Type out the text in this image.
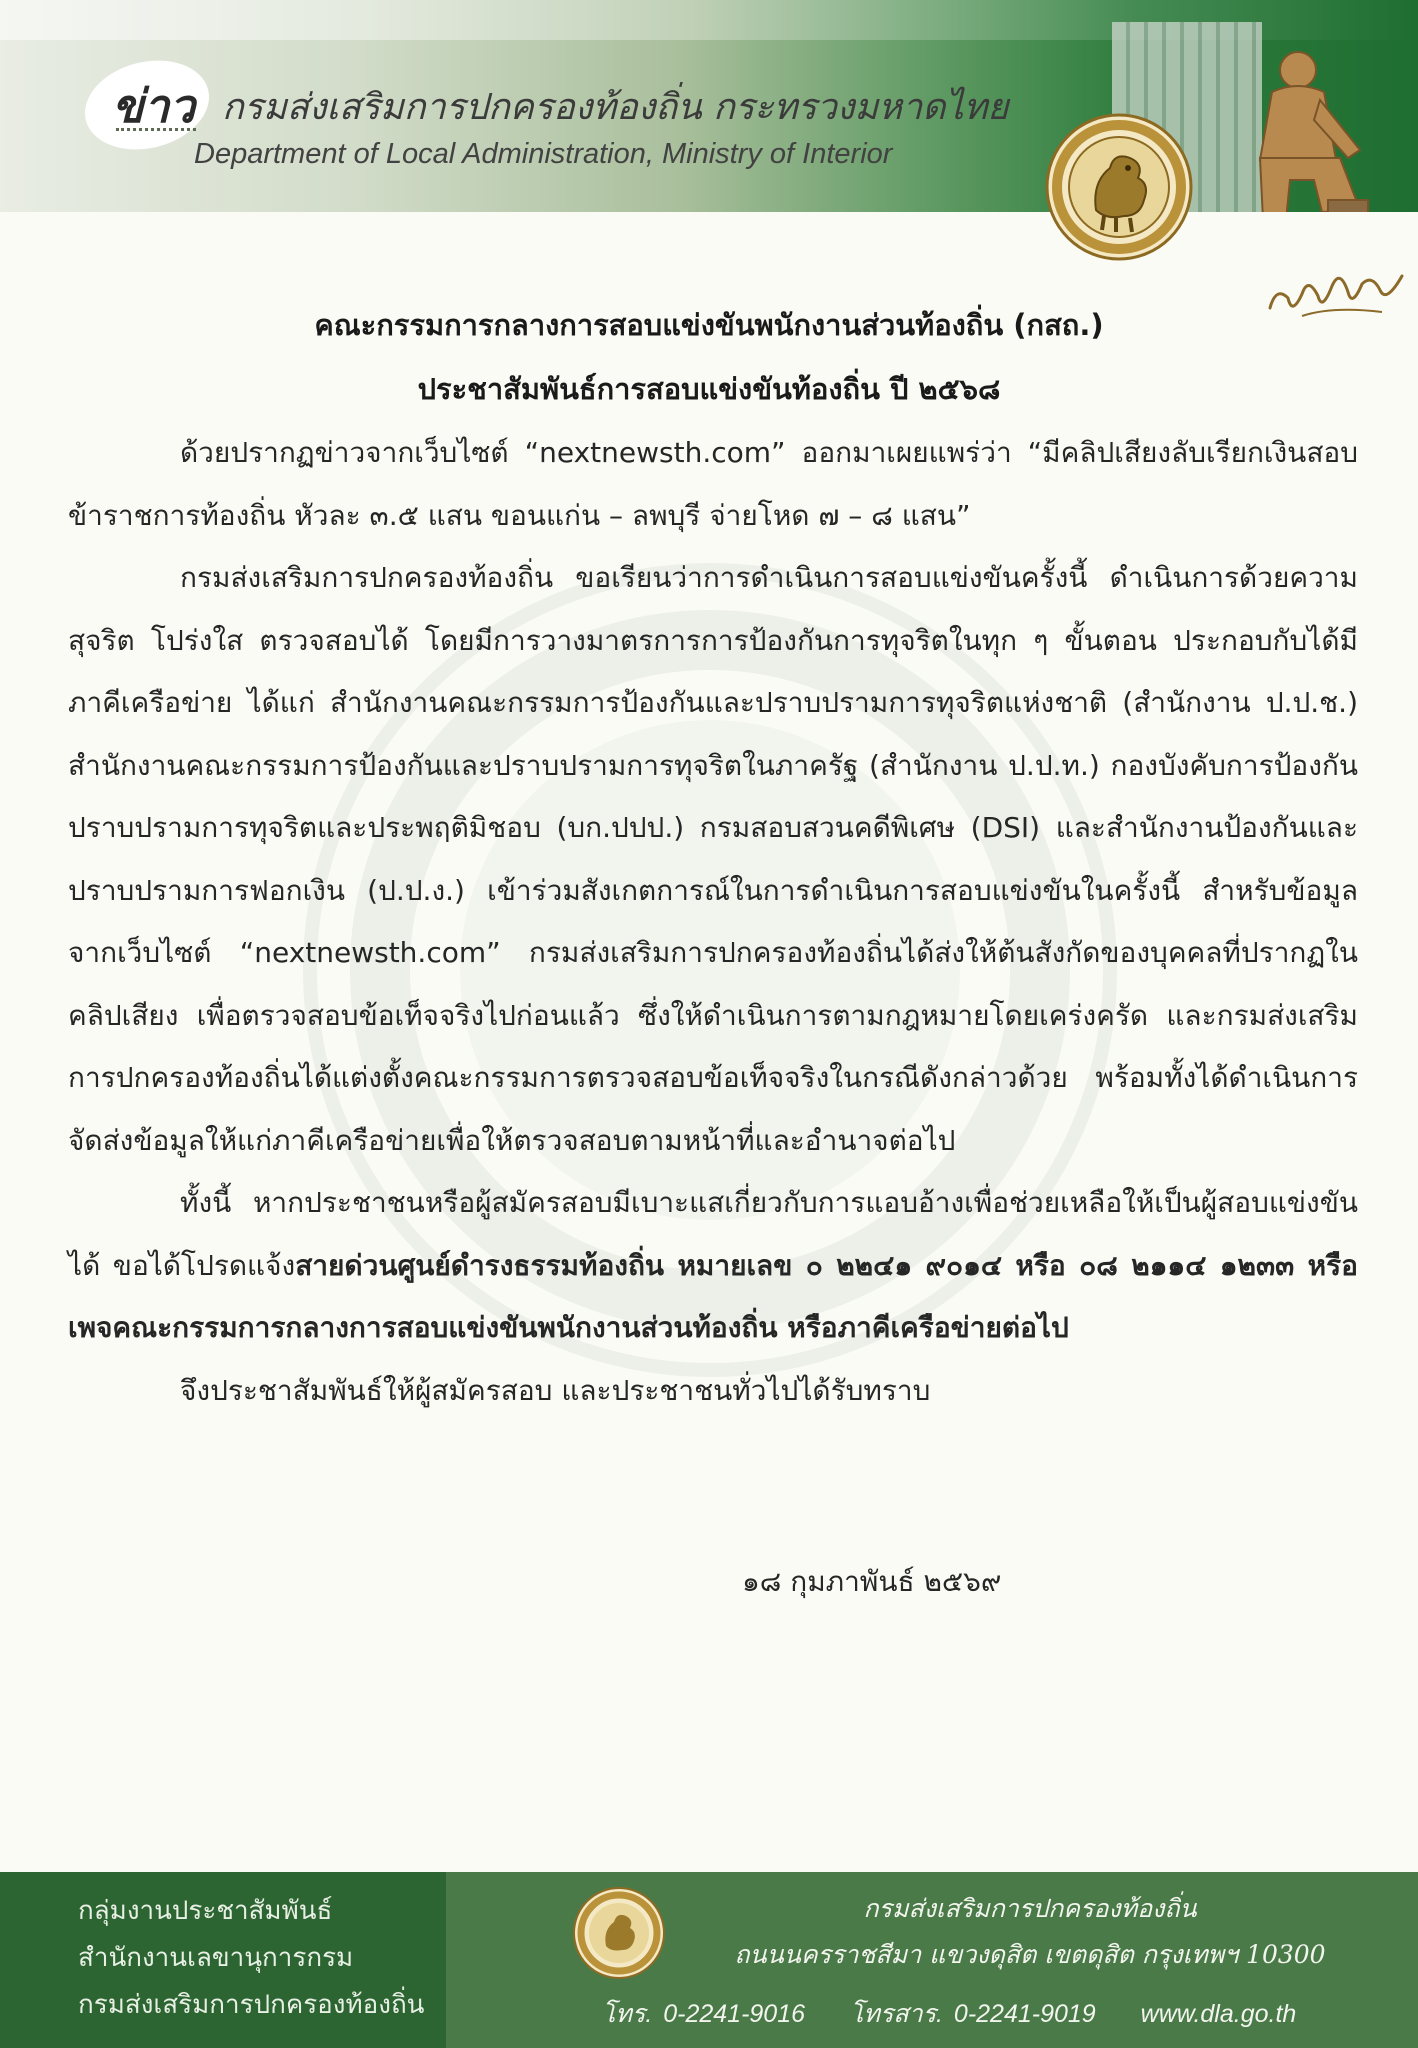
ข่าว กรมส่งเสริมการปกครองท้องถิ่น กระทรวงมหาดไทย
Department of Local Administration, Ministry of Interior
คณะกรรมการกลางการสอบแข่งขันพนักงานส่วนท้องถิ่น (กสถ.)
ประชาสัมพันธ์การสอบแข่งขันท้องถิ่น ปี ๒๕๖๘

ด้วยปรากฏข่าวจากเว็บไซต์ “nextnewsth.com” ออกมาเผยแพร่ว่า “มีคลิปเสียงลับเรียกเงินสอบข้าราชการท้องถิ่น หัวละ ๓.๕ แสน ขอนแก่น – ลพบุรี จ่ายโหด ๗ – ๘ แสน”

กรมส่งเสริมการปกครองท้องถิ่น ขอเรียนว่าการดำเนินการสอบแข่งขันครั้งนี้ ดำเนินการด้วยความสุจริต โปร่งใส ตรวจสอบได้ โดยมีการวางมาตรการการป้องกันการทุจริตในทุก ๆ ขั้นตอน ประกอบกับได้มีภาคีเครือข่าย ได้แก่ สำนักงานคณะกรรมการป้องกันและปราบปรามการทุจริตแห่งชาติ (สำนักงาน ป.ป.ช.) สำนักงานคณะกรรมการป้องกันและปราบปรามการทุจริตในภาครัฐ (สำนักงาน ป.ป.ท.) กองบังคับการป้องกันปราบปรามการทุจริตและประพฤติมิชอบ (บก.ปปป.) กรมสอบสวนคดีพิเศษ (DSI) และสำนักงานป้องกันและปราบปรามการฟอกเงิน (ป.ป.ง.) เข้าร่วมสังเกตการณ์ในการดำเนินการสอบแข่งขันในครั้งนี้ สำหรับข้อมูลจากเว็บไซต์ “nextnewsth.com” กรมส่งเสริมการปกครองท้องถิ่นได้ส่งให้ต้นสังกัดของบุคคลที่ปรากฏในคลิปเสียง เพื่อตรวจสอบข้อเท็จจริงไปก่อนแล้ว ซึ่งให้ดำเนินการตามกฎหมายโดยเคร่งครัด และกรมส่งเสริมการปกครองท้องถิ่นได้แต่งตั้งคณะกรรมการตรวจสอบข้อเท็จจริงในกรณีดังกล่าวด้วย พร้อมทั้งได้ดำเนินการจัดส่งข้อมูลให้แก่ภาคีเครือข่ายเพื่อให้ตรวจสอบตามหน้าที่และอำนาจต่อไป

ทั้งนี้ หากประชาชนหรือผู้สมัครสอบมีเบาะแสเกี่ยวกับการแอบอ้างเพื่อช่วยเหลือให้เป็นผู้สอบแข่งขันได้ ขอได้โปรดแจ้งสายด่วนศูนย์ดำรงธรรมท้องถิ่น หมายเลข ๐ ๒๒๔๑ ๙๐๑๔ หรือ ๐๘ ๒๑๑๔ ๑๒๓๓ หรือเพจคณะกรรมการกลางการสอบแข่งขันพนักงานส่วนท้องถิ่น หรือภาคีเครือข่ายต่อไป

จึงประชาสัมพันธ์ให้ผู้สมัครสอบ และประชาชนทั่วไปได้รับทราบ

๑๘ กุมภาพันธ์ ๒๕๖๙
กลุ่มงานประชาสัมพันธ์
สำนักงานเลขานุการกรม
กรมส่งเสริมการปกครองท้องถิ่น
กรมส่งเสริมการปกครองท้องถิ่น
ถนนนครราชสีมา แขวงดุสิต เขตดุสิต กรุงเทพฯ 10300
โทร. 0-2241-9016 โทรสาร. 0-2241-9019 www.dla.go.th
